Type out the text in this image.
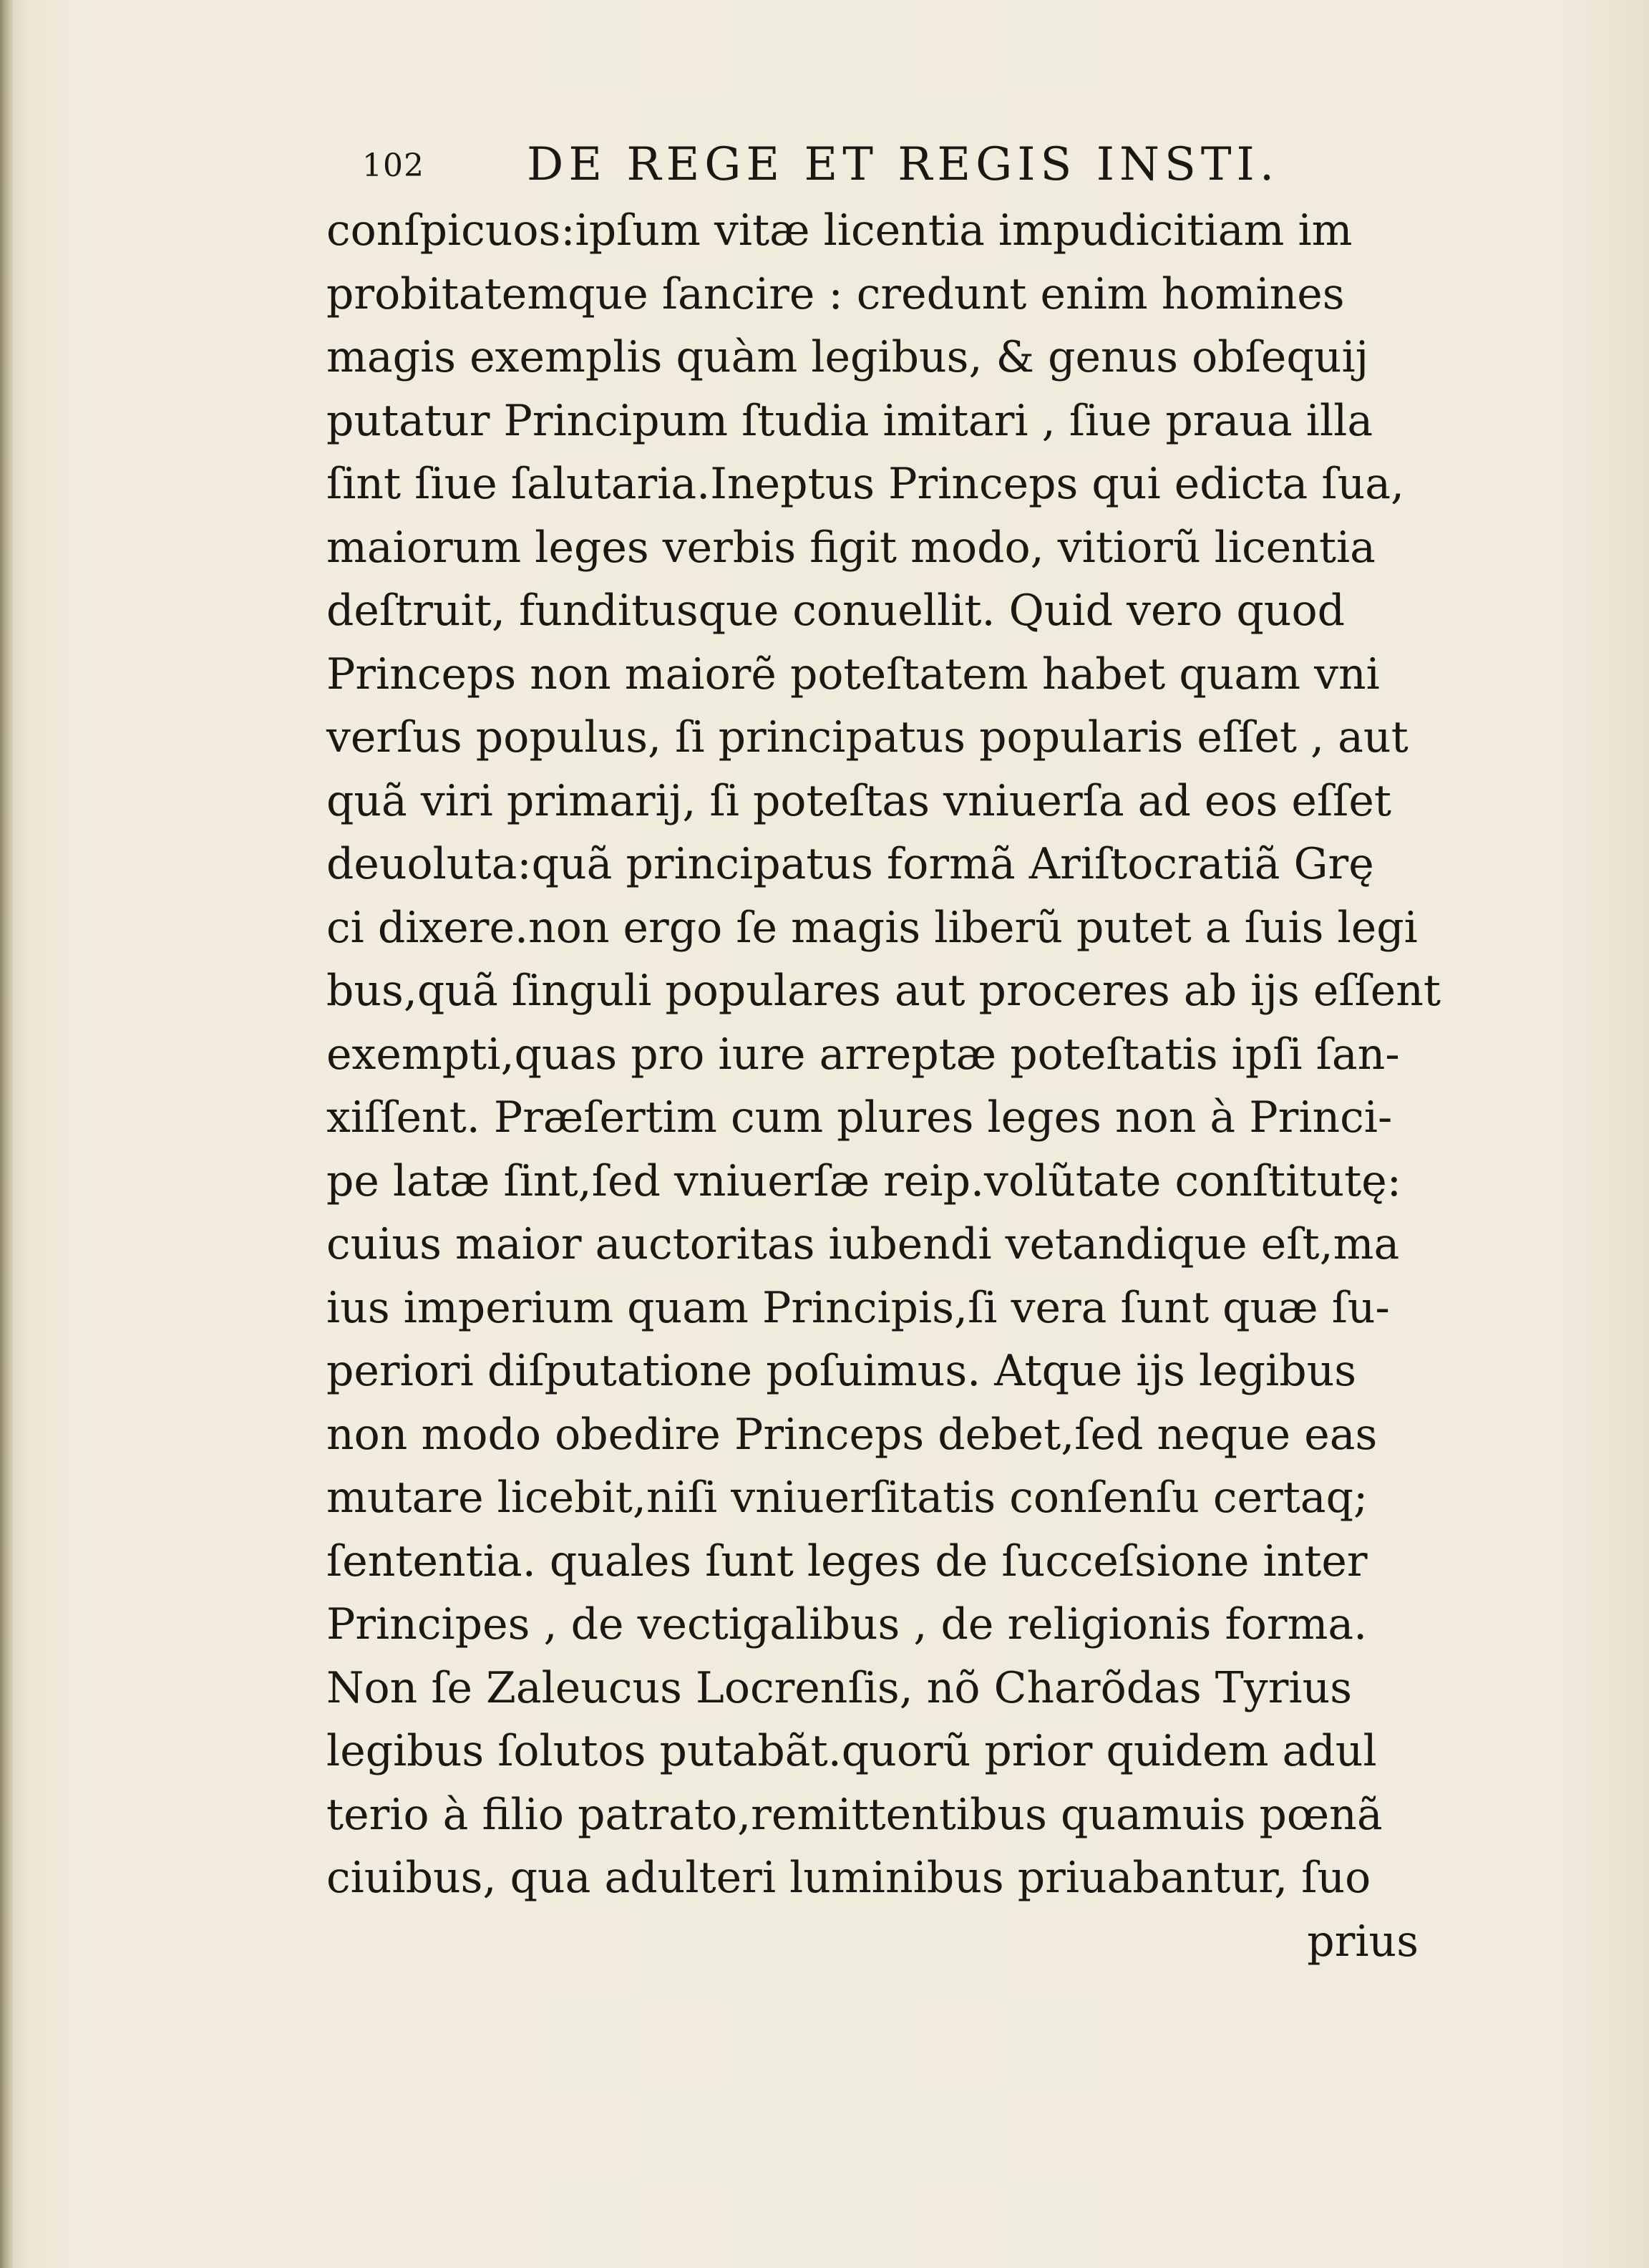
102 DE REGE ET REGIS INSTI.
conſpicuos:ipſum vitæ licentia impudicitiam im
probitatemque ſancire : credunt enim homines
magis exemplis quàm legibus, & genus obſequij
putatur Principum ſtudia imitari , ſiue praua illa
ſint ſiue ſalutaria.Ineptus Princeps qui edicta ſua,
maiorum leges verbis figit modo, vitiorũ licentia
deſtruit, funditusque conuellit. Quid vero quod
Princeps non maiorẽ poteſtatem habet quam vni
verſus populus, ſi principatus popularis eſſet , aut
quã viri primarij, ſi poteſtas vniuerſa ad eos eſſet
deuoluta:quã principatus formã Ariſtocratiã Grę
ci dixere.non ergo ſe magis liberũ putet a ſuis legi
bus,quã ſinguli populares aut proceres ab ijs eſſent
exempti,quas pro iure arreptæ poteſtatis ipſi ſan-
xiſſent. Præſertim cum plures leges non à Princi-
pe latæ ſint,ſed vniuerſæ reip.volũtate conſtitutę:
cuius maior auctoritas iubendi vetandique eſt,ma
ius imperium quam Principis,ſi vera ſunt quæ ſu-
periori diſputatione poſuimus. Atque ijs legibus
non modo obedire Princeps debet,ſed neque eas
mutare licebit,niſi vniuerſitatis conſenſu certaq;
ſententia. quales ſunt leges de ſucceſsione inter
Principes , de vectigalibus , de religionis forma.
Non ſe Zaleucus Locrenſis, nõ Charõdas Tyrius
legibus ſolutos putabãt.quorũ prior quidem adul
terio à filio patrato,remittentibus quamuis pœnã
ciuibus, qua adulteri luminibus priuabantur, ſuo
prius
